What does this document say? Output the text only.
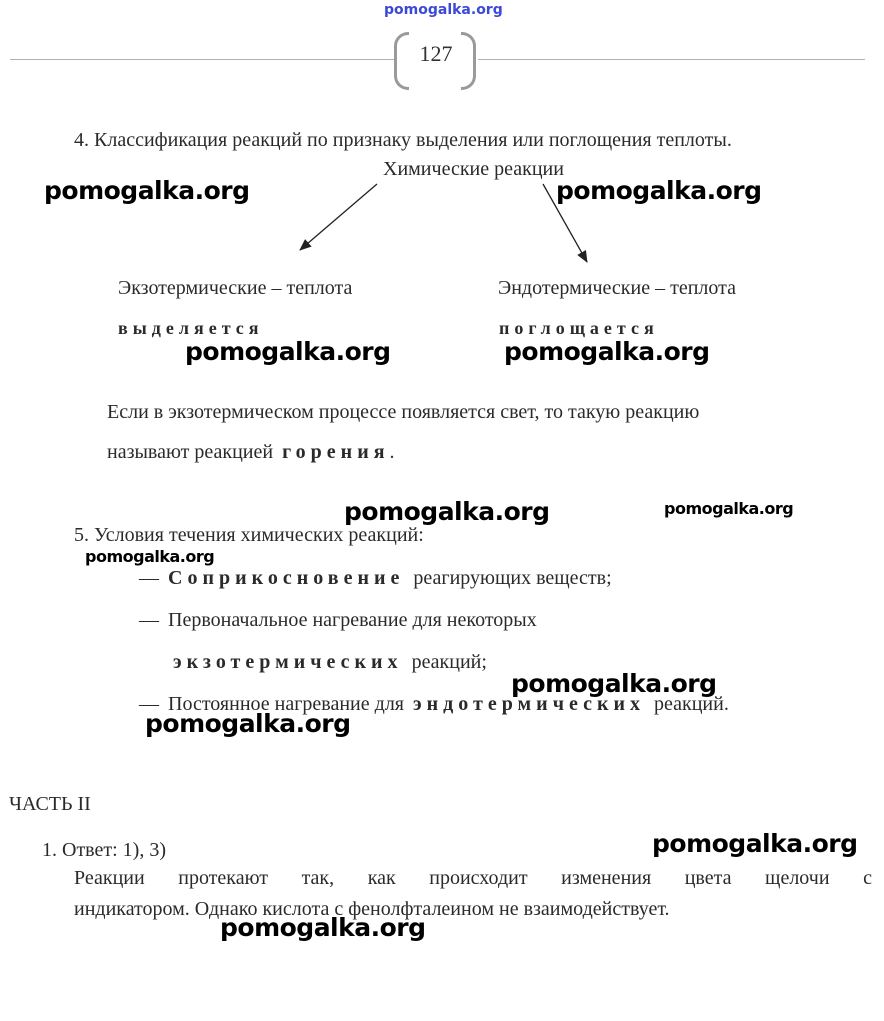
pomogalka.org
127
4. Классификация реакций по признаку выделения или поглощения теплоты.
Химические реакции
Экзотермические – теплота
выделяется
Эндотермические – теплота
поглощается
Если в экзотермическом процессе появляется свет, то такую реакцию
называют реакцией горения.
5. Условия течения химических реакций:
— Соприкосновение реагирующих веществ;
— Первоначальное нагревание для некоторых
экзотермических реакций;
— Постоянное нагревание для эндотермических реакций.
ЧАСТЬ II
1. Ответ: 1), 3)
Реакции протекают так, как происходит изменения цвета щелочи с
индикатором. Однако кислота с фенолфталеином не взаимодействует.
pomogalka.org	pomogalka.org
pomogalka.org	pomogalka.org
pomogalka.org	pomogalka.org
pomogalka.org
pomogalka.org
pomogalka.org
pomogalka.org
pomogalka.org
